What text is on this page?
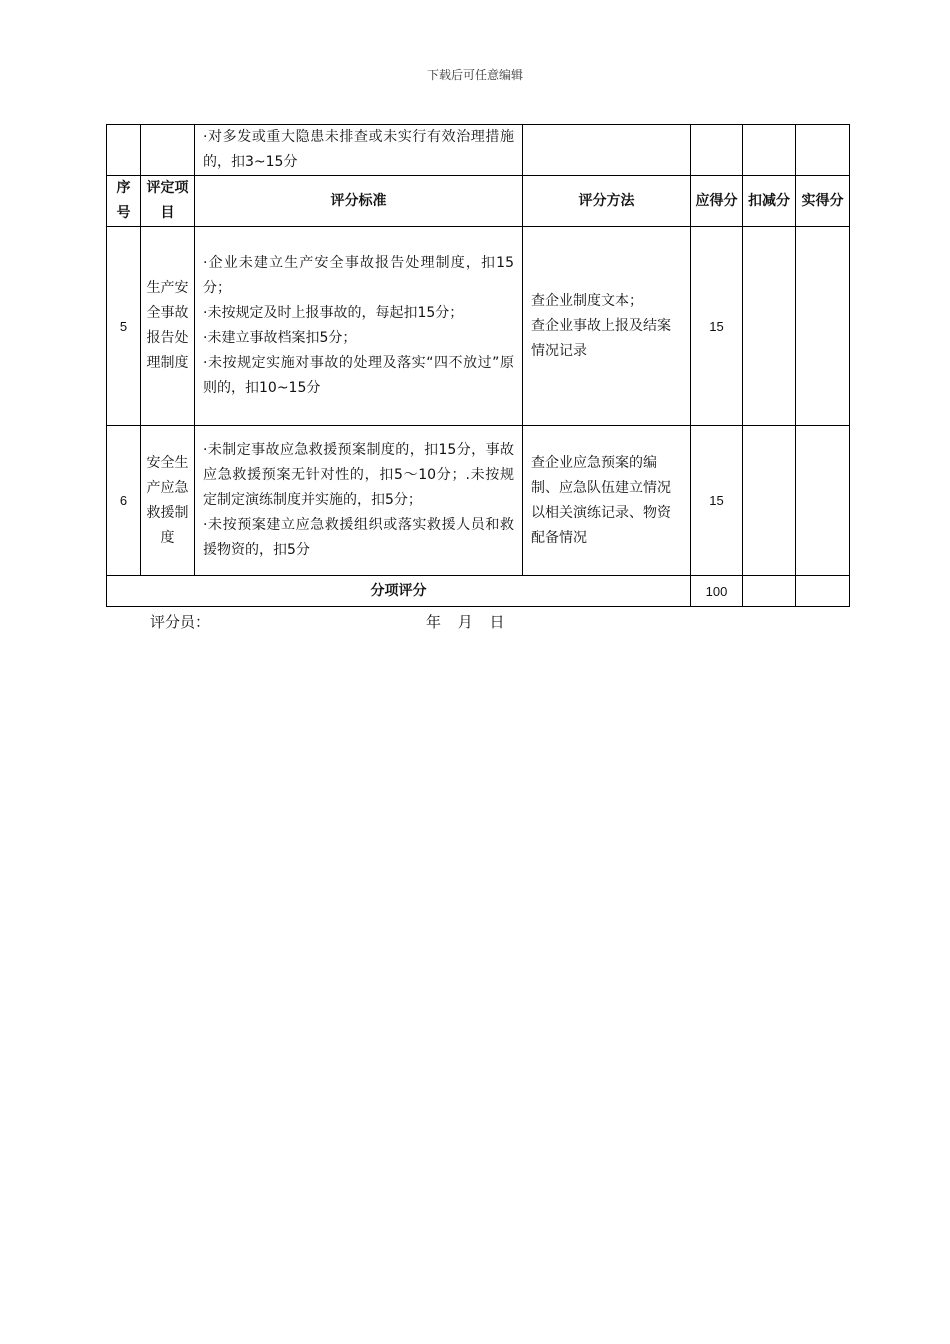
下载后可任意编辑
		·对多发或重大隐患未排查或未实行有效治理措施的，扣3~15分				
序号	评定项目	评分标准	评分方法	应得分	扣减分	实得分
5	生产安全事故报告处理制度	·企业未建立生产安全事故报告处理制度，扣15分；
·未按规定及时上报事故的，每起扣15分；
·未建立事故档案扣5分；
·未按规定实施对事故的处理及落实“四不放过”原则的，扣10~15分	查企业制度文本；
查企业事故上报及结案情况记录	15		
6	安全生产应急救援制度	·未制定事故应急救援预案制度的，扣15分，事故应急救援预案无针对性的，扣5～10分；.未按规定制定演练制度并实施的，扣5分；
·未按预案建立应急救援组织或落实救援人员和救援物资的，扣5分	查企业应急预案的编制、应急队伍建立情况以相关演练记录、物资配备情况	15		
分项评分				100		
评分员：	年 月 日
